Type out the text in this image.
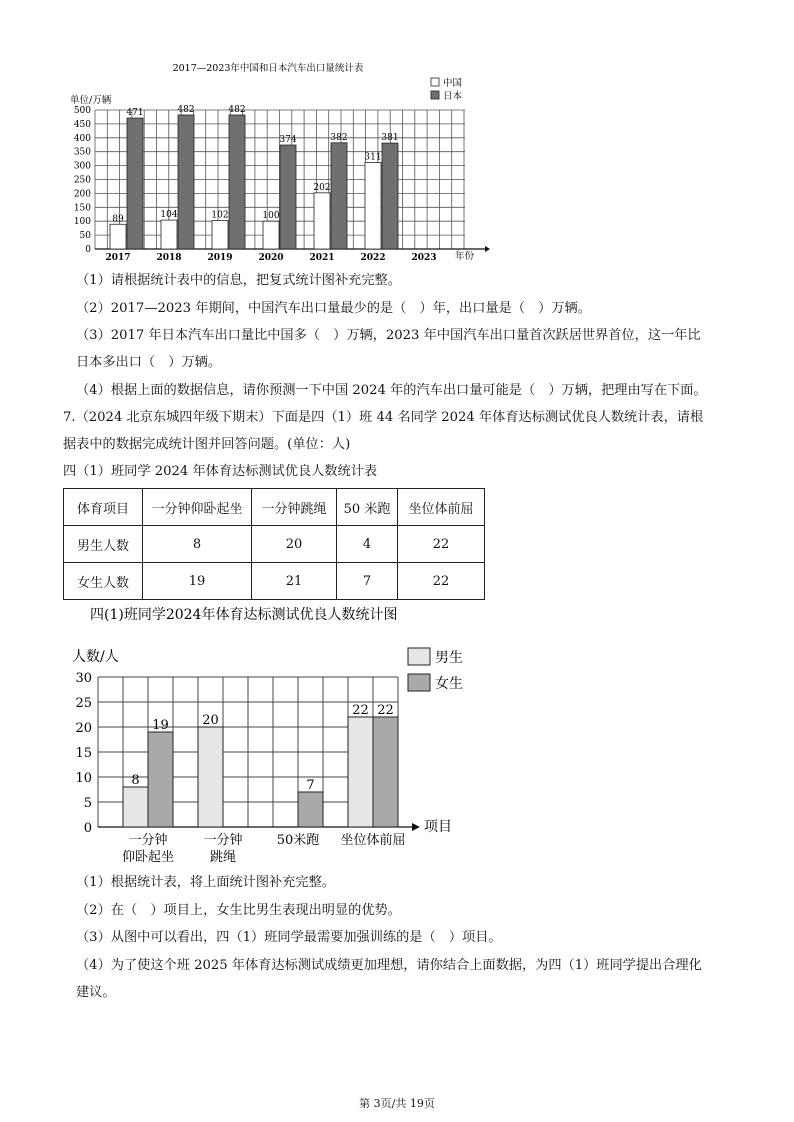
2017—2023年中国和日本汽车出口量统计表
0
50
100
150
200
250
300
350
400
450
500
单位/万辆
年份
2017	2018	2019	2020	2021	2022	2023
89
471
104
482
102
482
100
374
202
382
311
381
中国
日本
（1）请根据统计表中的信息，把复式统计图补充完整。
（2）2017—2023 年期间，中国汽车出口量最少的是（　）年，出口量是（　）万辆。
（3）2017 年日本汽车出口量比中国多（　）万辆，2023 年中国汽车出口量首次跃居世界首位，这一年比
日本多出口（　）万辆。
（4）根据上面的数据信息，请你预测一下中国 2024 年的汽车出口量可能是（　）万辆，把理由写在下面。
7.（2024 北京东城四年级下期末）下面是四（1）班 44 名同学 2024 年体育达标测试优良人数统计表，请根
据表中的数据完成统计图并回答问题。(单位：人)
四（1）班同学 2024 年体育达标测试优良人数统计表
体育项目	一分钟仰卧起坐	一分钟跳绳	50 米跑	坐位体前屈
男生人数	8	20	4	22
女生人数	19	21	7	22
四(1)班同学2024年体育达标测试优良人数统计图
0
5
10
15
20
25
30
人数/人
项目
一分钟
仰卧起坐
一分钟
跳绳
50米跑 坐位体前屈
8
19	20
7
22 22
男生
女生
（1）根据统计表，将上面统计图补充完整。
（2）在（　）项目上，女生比男生表现出明显的优势。
（3）从图中可以看出，四（1）班同学最需要加强训练的是（　）项目。
（4）为了使这个班 2025 年体育达标测试成绩更加理想，请你结合上面数据，为四（1）班同学提出合理化
建议。
第 3页/共 19页
